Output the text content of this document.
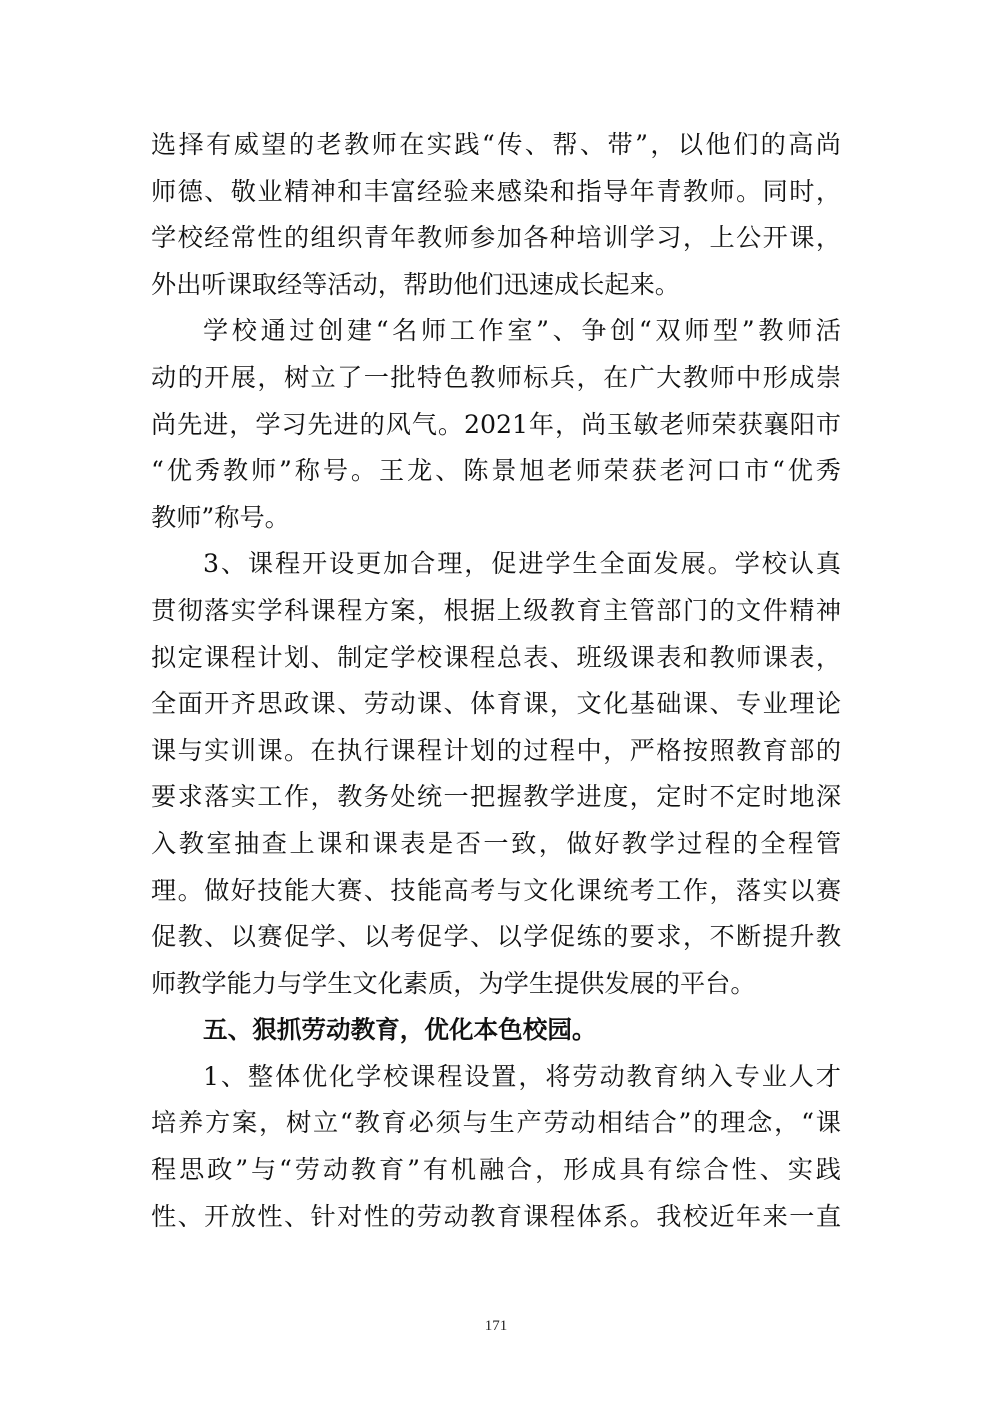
选择有威望的老教师在实践“传、帮、带”，以他们的高尚
师德、敬业精神和丰富经验来感染和指导年青教师。同时，
学校经常性的组织青年教师参加各种培训学习，上公开课，
外出听课取经等活动，帮助他们迅速成长起来。
学校通过创建“名师工作室”、争创“双师型”教师活
动的开展，树立了一批特色教师标兵，在广大教师中形成崇
尚先进，学习先进的风气。2021年，尚玉敏老师荣获襄阳市
“优秀教师”称号。王龙、陈景旭老师荣获老河口市“优秀
教师”称号。
3、课程开设更加合理，促进学生全面发展。学校认真
贯彻落实学科课程方案，根据上级教育主管部门的文件精神
拟定课程计划、制定学校课程总表、班级课表和教师课表，
全面开齐思政课、劳动课、体育课，文化基础课、专业理论
课与实训课。在执行课程计划的过程中，严格按照教育部的
要求落实工作，教务处统一把握教学进度，定时不定时地深
入教室抽查上课和课表是否一致，做好教学过程的全程管
理。做好技能大赛、技能高考与文化课统考工作，落实以赛
促教、以赛促学、以考促学、以学促练的要求，不断提升教
师教学能力与学生文化素质，为学生提供发展的平台。
五、狠抓劳动教育，优化本色校园。
1、整体优化学校课程设置，将劳动教育纳入专业人才
培养方案，树立“教育必须与生产劳动相结合”的理念，“课
程思政”与“劳动教育”有机融合，形成具有综合性、实践
性、开放性、针对性的劳动教育课程体系。我校近年来一直
171
